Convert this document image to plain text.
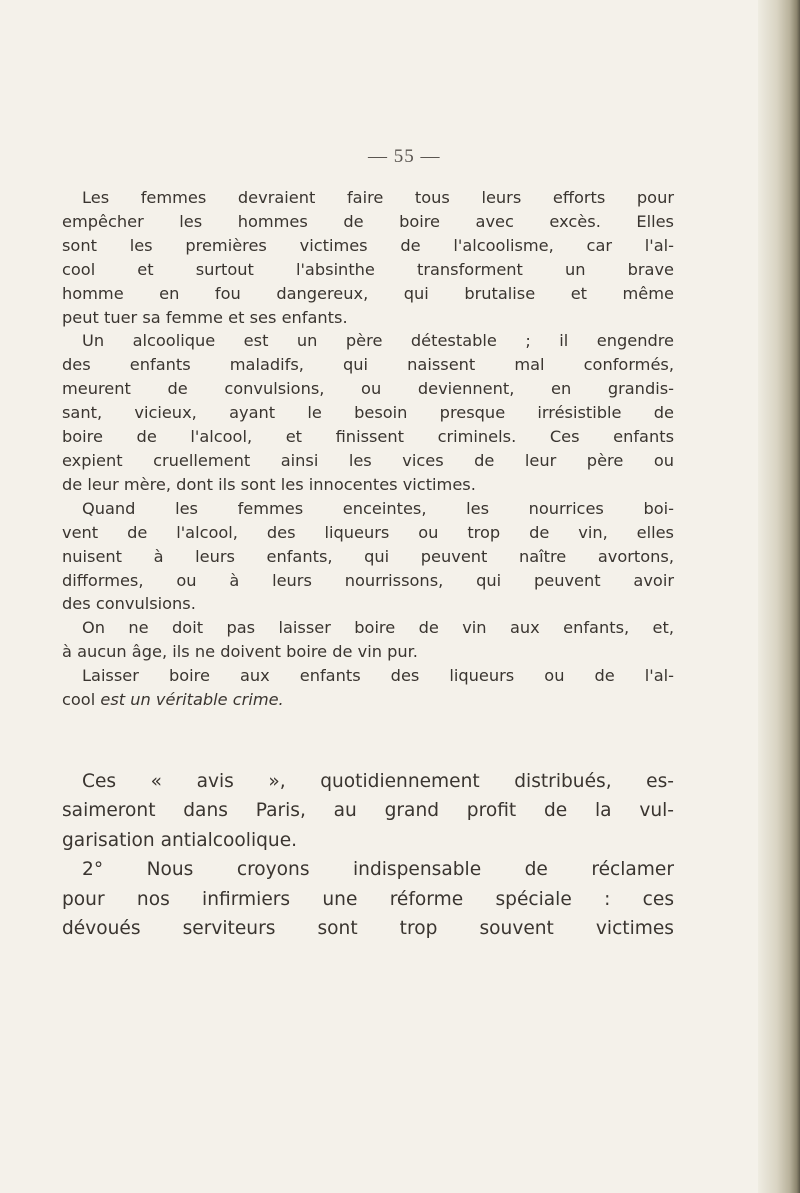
— 55 —
Les femmes devraient faire tous leurs efforts pour
empêcher les hommes de boire avec excès. Elles
sont les premières victimes de l'alcoolisme, car l'al-
cool et surtout l'absinthe transforment un brave
homme en fou dangereux, qui brutalise et même
peut tuer sa femme et ses enfants.
Un alcoolique est un père détestable ; il engendre
des enfants maladifs, qui naissent mal conformés,
meurent de convulsions, ou deviennent, en grandis-
sant, vicieux, ayant le besoin presque irrésistible de
boire de l'alcool, et finissent criminels. Ces enfants
expient cruellement ainsi les vices de leur père ou
de leur mère, dont ils sont les innocentes victimes.
Quand les femmes enceintes, les nourrices boi-
vent de l'alcool, des liqueurs ou trop de vin, elles
nuisent à leurs enfants, qui peuvent naître avortons,
difformes, ou à leurs nourrissons, qui peuvent avoir
des convulsions.
On ne doit pas laisser boire de vin aux enfants, et,
à aucun âge, ils ne doivent boire de vin pur.
Laisser boire aux enfants des liqueurs ou de l'al-
cool est un véritable crime.
Ces « avis », quotidiennement distribués, es-
saimeront dans Paris, au grand profit de la vul-
garisation antialcoolique.
2° Nous croyons indispensable de réclamer
pour nos infirmiers une réforme spéciale : ces
dévoués serviteurs sont trop souvent victimes
